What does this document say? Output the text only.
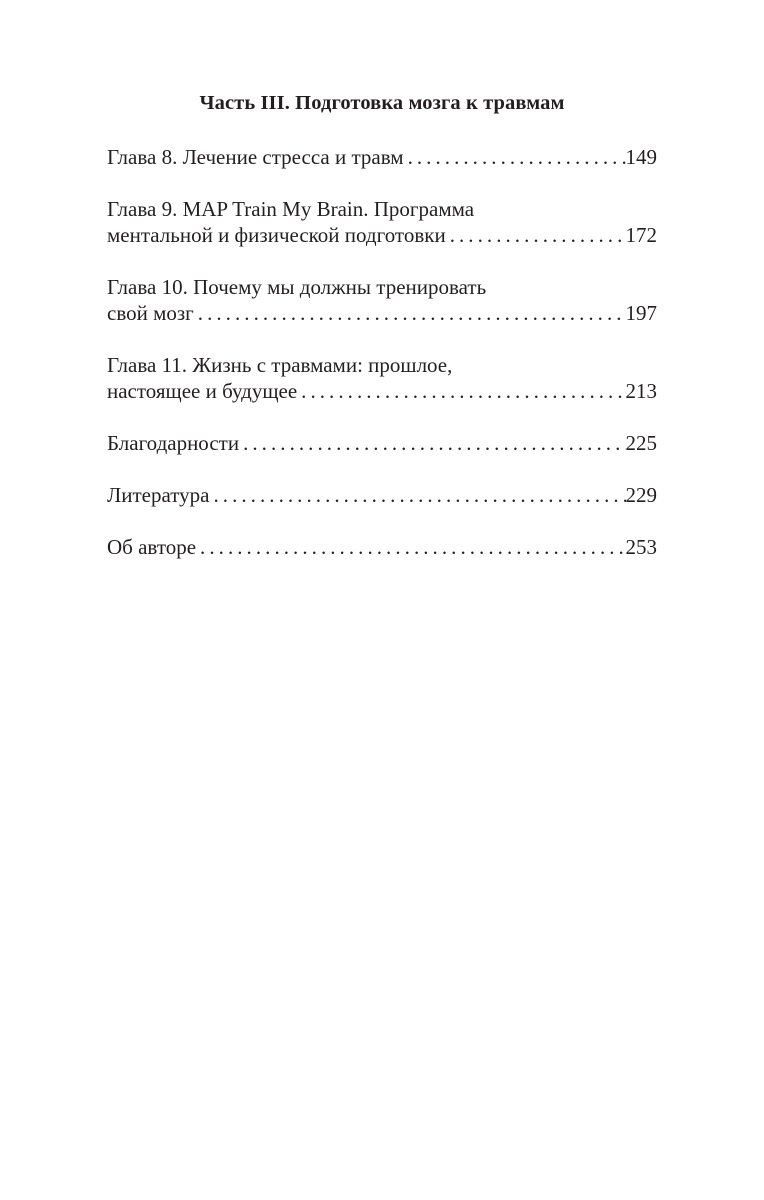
Часть III. Подготовка мозга к травмам
Глава 8. Лечение стресса и травм . . .	149
Глава 9. MAP Train My Brain. Программа
ментальной и физической подготовки . . .	172
Глава 10. Почему мы должны тренировать
свой мозг . . .	197
Глава 11. Жизнь с травмами: прошлое,
настоящее и будущее . . .	213
Благодарности . . .	225
Литература . . .	229
Об авторе . . .	253
